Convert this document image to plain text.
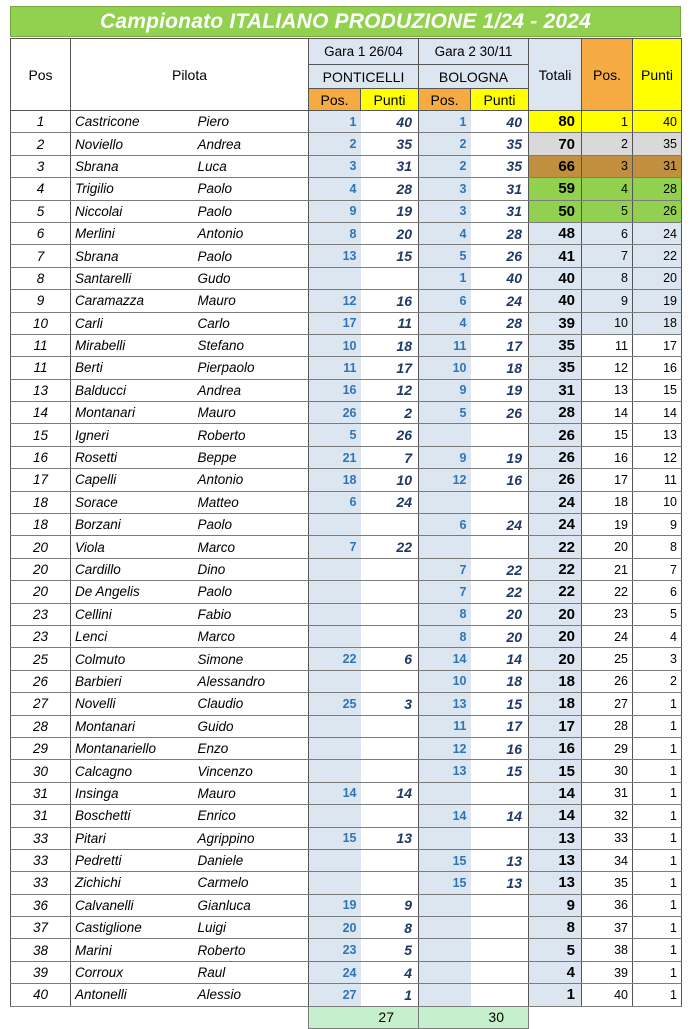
Campionato ITALIANO PRODUZIONE 1/24 - 2024
Pos	Pilota		Gara 1 26/04		Gara 2 30/11		Totali	Pos.	Punti
			PONTICELLI		BOLOGNA				
			Pos.	Punti	Pos.	Punti			
1	Castricone	Piero	1	40	1	40	80	1	40
2	Noviello	Andrea	2	35	2	35	70	2	35
3	Sbrana	Luca	3	31	2	35	66	3	31
4	Trigilio	Paolo	4	28	3	31	59	4	28
5	Niccolai	Paolo	9	19	3	31	50	5	26
6	Merlini	Antonio	8	20	4	28	48	6	24
7	Sbrana	Paolo	13	15	5	26	41	7	22
8	Santarelli	Gudo			1	40	40	8	20
9	Caramazza	Mauro	12	16	6	24	40	9	19
10	Carli	Carlo	17	11	4	28	39	10	18
11	Mirabelli	Stefano	10	18	11	17	35	11	17
11	Berti	Pierpaolo	11	17	10	18	35	12	16
13	Balducci	Andrea	16	12	9	19	31	13	15
14	Montanari	Mauro	26	2	5	26	28	14	14
15	Igneri	Roberto	5	26			26	15	13
16	Rosetti	Beppe	21	7	9	19	26	16	12
17	Capelli	Antonio	18	10	12	16	26	17	11
18	Sorace	Matteo	6	24			24	18	10
18	Borzani	Paolo			6	24	24	19	9
20	Viola	Marco	7	22			22	20	8
20	Cardillo	Dino			7	22	22	21	7
20	De Angelis	Paolo			7	22	22	22	6
23	Cellini	Fabio			8	20	20	23	5
23	Lenci	Marco			8	20	20	24	4
25	Colmuto	Simone	22	6	14	14	20	25	3
26	Barbieri	Alessandro			10	18	18	26	2
27	Novelli	Claudio	25	3	13	15	18	27	1
28	Montanari	Guido			11	17	17	28	1
29	Montanariello	Enzo			12	16	16	29	1
30	Calcagno	Vincenzo			13	15	15	30	1
31	Insinga	Mauro	14	14			14	31	1
31	Boschetti	Enrico			14	14	14	32	1
33	Pitari	Agrippino	15	13			13	33	1
33	Pedretti	Daniele			15	13	13	34	1
33	Zichichi	Carmelo			15	13	13	35	1
36	Calvanelli	Gianluca	19	9			9	36	1
37	Castiglione	Luigi	20	8			8	37	1
38	Marini	Roberto	23	5			5	38	1
39	Corroux	Raul	24	4			4	39	1
40	Antonelli	Alessio	27	1			1	40	1
			27		30				
